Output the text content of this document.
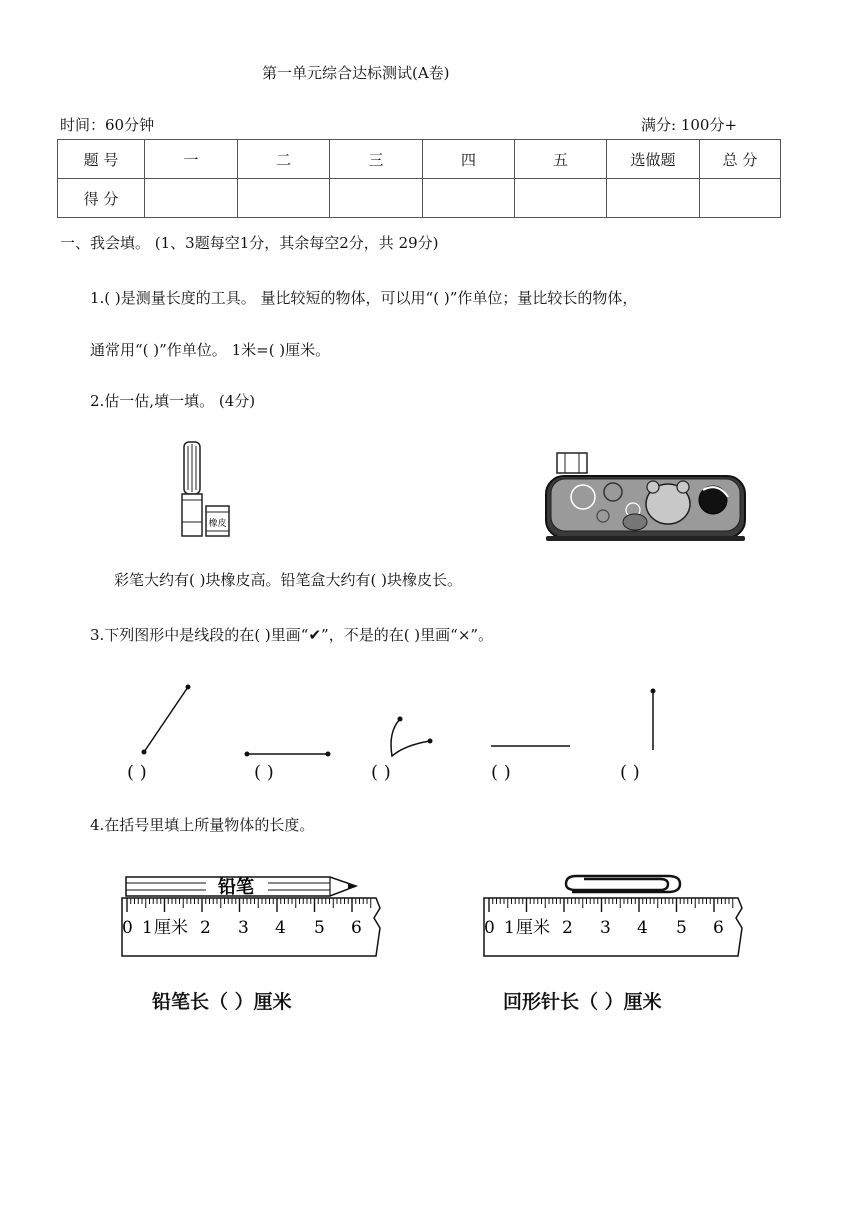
第一单元综合达标测试(A卷)
时间：60分钟	满分: 100分+
题 号	一	二	三	四	五	选做题	总 分
得 分							
一、我会填。 (1、3题每空1分，其余每空2分，共 29分)
1.( )是测量长度的工具。 量比较短的物体，可以用“( )”作单位；量比较长的物体，
通常用“( )”作单位。 1米=( )厘米。
2.估一估,填一填。 (4分)
橡皮
彩笔大约有( )块橡皮高。铅笔盒大约有( )块橡皮长。
3.下列图形中是线段的在( )里画“✔”，不是的在( )里画“×”。
( )	( )	( )	( )	( )
4.在括号里填上所量物体的长度。
铅笔
0 1 厘米 2 3 4 5 6	0 1 厘米 2 3 4 5 6
铅笔长（ ）厘米	回形针长（ ）厘米
